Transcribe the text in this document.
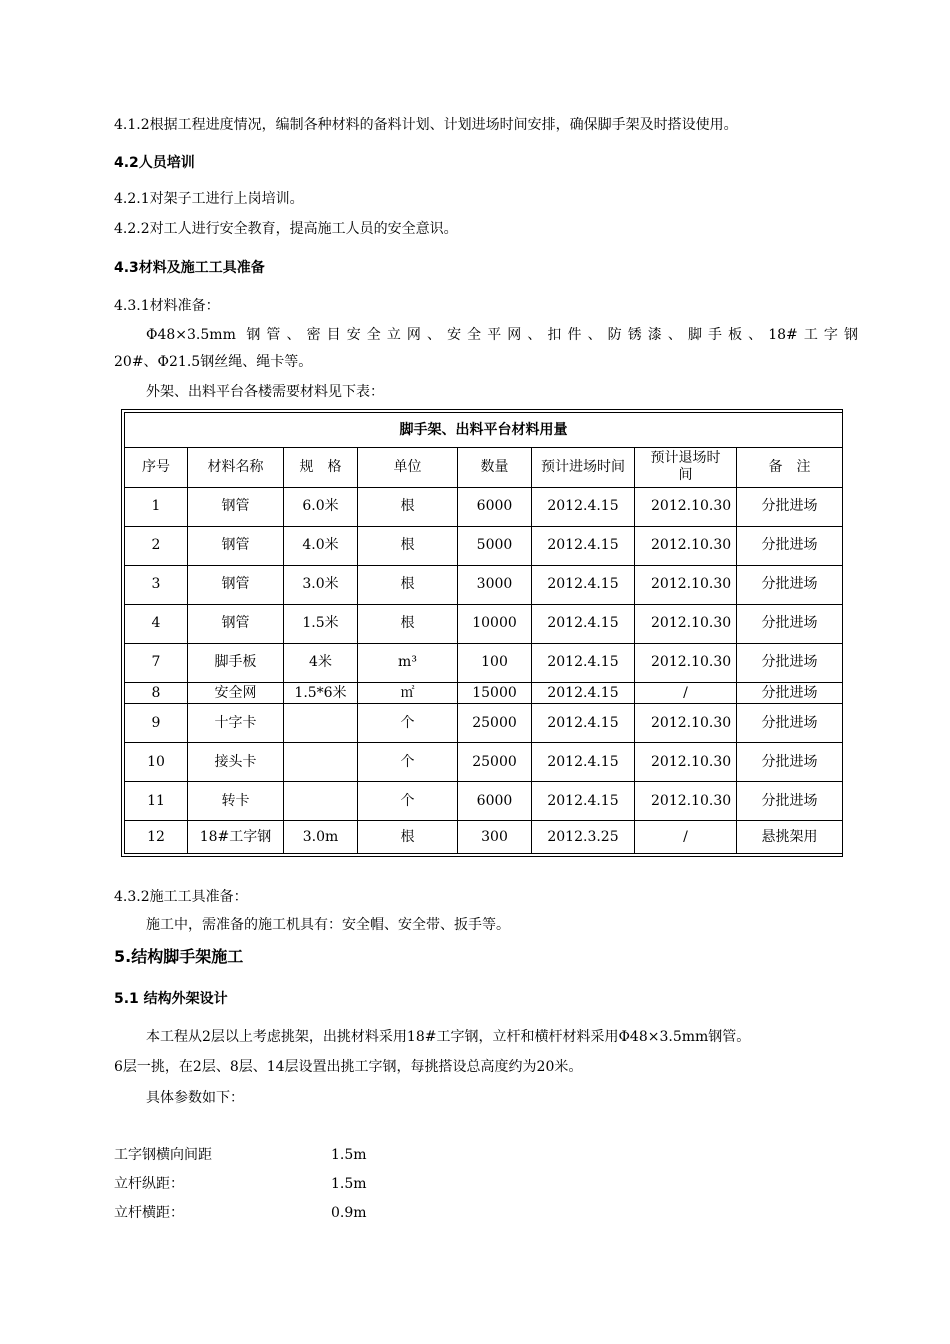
4.1.2根据工程进度情况，编制各种材料的备料计划、计划进场时间安排，确保脚手架及时搭设使用。
4.2人员培训
4.2.1对架子工进行上岗培训。
4.2.2对工人进行安全教育，提高施工人员的安全意识。
4.3材料及施工工具准备
4.3.1材料准备：
Φ48×3.5mm 钢管、密目安全立网、安全平网、扣件、防锈漆、脚手板、18#工字钢
20#、Φ21.5钢丝绳、绳卡等。
外架、出料平台各楼需要材料见下表：
脚手架、出料平台材料用量							
序号	材料名称	规　格	单位	数量	预计进场时间	预计退场时间	备　注
1	钢管	6.0米	根	6000	2012.4.15	2012.10.30	分批进场
2	钢管	4.0米	根	5000	2012.4.15	2012.10.30	分批进场
3	钢管	3.0米	根	3000	2012.4.15	2012.10.30	分批进场
4	钢管	1.5米	根	10000	2012.4.15	2012.10.30	分批进场
7	脚手板	4米	m³	100	2012.4.15	2012.10.30	分批进场
8	安全网	1.5*6米	㎡	15000	2012.4.15	/	分批进场
9	十字卡		个	25000	2012.4.15	2012.10.30	分批进场
10	接头卡		个	25000	2012.4.15	2012.10.30	分批进场
11	转卡		个	6000	2012.4.15	2012.10.30	分批进场
12	18#工字钢	3.0m	根	300	2012.3.25	/	悬挑架用
4.3.2施工工具准备：
施工中，需准备的施工机具有：安全帽、安全带、扳手等。
5.结构脚手架施工
5.1 结构外架设计
本工程从2层以上考虑挑架，出挑材料采用18#工字钢，立杆和横杆材料采用Φ48×3.5mm钢管。
6层一挑，在2层、8层、14层设置出挑工字钢，每挑搭设总高度约为20米。
具体参数如下：
工字钢横向间距	1.5m
立杆纵距：	1.5m
立杆横距：	0.9m
